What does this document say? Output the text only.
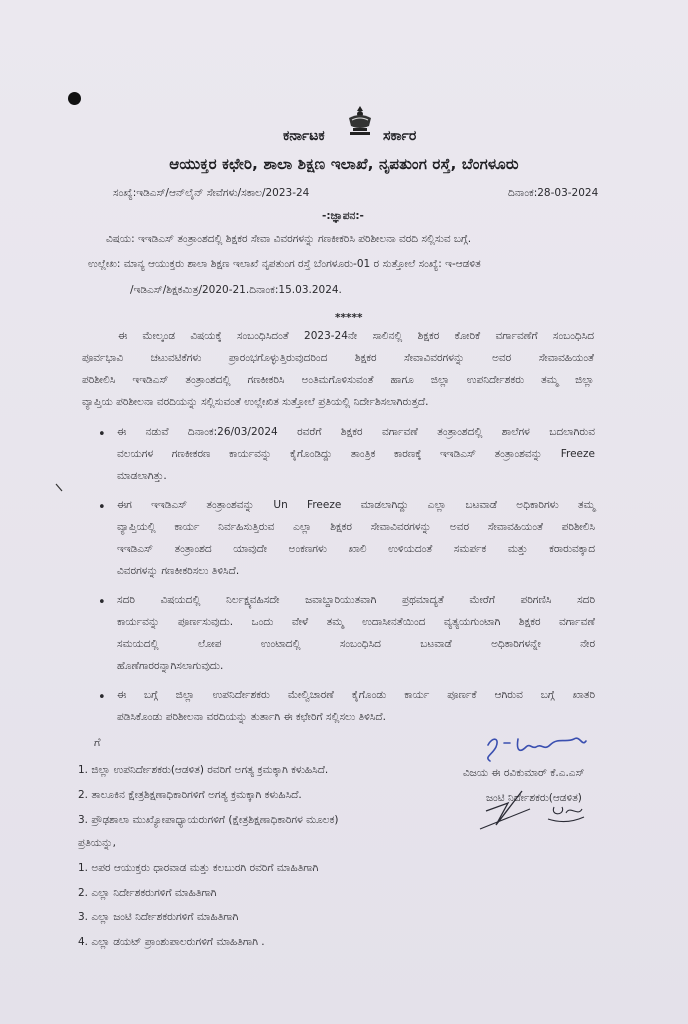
ಕರ್ನಾಟಕ	ಸರ್ಕಾರ
ಆಯುಕ್ತರ ಕಛೇರಿ, ಶಾಲಾ ಶಿಕ್ಷಣ ಇಲಾಖೆ, ನೃಪತುಂಗ ರಸ್ತೆ, ಬೆಂಗಳೂರು
ಸಂಖ್ಯೆ:ಇಡಿಎಸ್/ಆನ್‌ಲೈನ್ ಸೇವೆಗಳು/ಸಕಾಲ/2023-24	ದಿನಾಂಕ:28-03-2024
-:ಜ್ಞಾಪನ:-
ವಿಷಯ: ಇಇಡಿಎಸ್ ತಂತ್ರಾಂಶದಲ್ಲಿ ಶಿಕ್ಷಕರ ಸೇವಾ ವಿವರಗಳನ್ನು ಗಣಕೀಕರಿಸಿ ಪರಿಶೀಲನಾ ವರದಿ ಸಲ್ಲಿಸುವ ಬಗ್ಗೆ.
ಉಲ್ಲೇಖ: ಮಾನ್ಯ ಆಯುಕ್ತರು ಶಾಲಾ ಶಿಕ್ಷಣ ಇಲಾಖೆ ನೃಪತುಂಗ ರಸ್ತೆ ಬೆಂಗಳೂರು-01 ರ ಸುತ್ತೋಲೆ ಸಂಖ್ಯೆ: ಇ-ಆಡಳಿತ
/ಇಡಿಎಸ್/ಶಿಕ್ಷಕಮಿತ್ರ/2020-21.ದಿನಾಂಕ:15.03.2024.
*****
ಈ ಮೇಲ್ಕಂಡ ವಿಷಯಕ್ಕೆ ಸಂಬಂಧಿಸಿದಂತೆ 2023-24ನೇ ಸಾಲಿನಲ್ಲಿ ಶಿಕ್ಷಕರ ಕೋರಿಕೆ ವರ್ಗಾವಣೆಗೆ ಸಂಬಂಧಿಸಿದ
ಪೂರ್ವಭಾವಿ ಚಟುವಟಿಕೆಗಳು ಪ್ರಾರಂಭಗೊಳ್ಳುತ್ತಿರುವುದರಿಂದ ಶಿಕ್ಷಕರ ಸೇವಾವಿವರಗಳನ್ನು ಅವರ ಸೇವಾವಹಿಯಂತೆ
ಪರಿಶೀಲಿಸಿ ಇಇಡಿಎಸ್ ತಂತ್ರಾಂಶದಲ್ಲಿ ಗಣಕೀಕರಿಸಿ ಅಂತಿಮಗೊಳಿಸುವಂತೆ ಹಾಗೂ ಜಿಲ್ಲಾ ಉಪನಿರ್ದೇಶಕರು ತಮ್ಮ ಜಿಲ್ಲಾ
ವ್ಯಾಪ್ತಿಯ ಪರಿಶೀಲನಾ ವರದಿಯನ್ನು ಸಲ್ಲಿಸುವಂತೆ ಉಲ್ಲೇಖಿತ ಸುತ್ತೋಲೆ ಪ್ರತಿಯಲ್ಲಿ ನಿರ್ದೇಶಿಸಲಾಗಿರುತ್ತದೆ.
• ಈ ನಡುವೆ ದಿನಾಂಕ:26/03/2024 ರವರೆಗೆ ಶಿಕ್ಷಕರ ವರ್ಗಾವಣೆ ತಂತ್ರಾಂಶದಲ್ಲಿ ಶಾಲೆಗಳ ಬದಲಾಗಿರುವ
ವಲಯಗಳ ಗಣಕೀಕರಣ ಕಾರ್ಯವನ್ನು ಕೈಗೊಂಡಿದ್ದು ತಾಂತ್ರಿಕ ಕಾರಣಕ್ಕೆ ಇಇಡಿಎಸ್ ತಂತ್ರಾಂಶವನ್ನು Freeze
ಮಾಡಲಾಗಿತ್ತು.
• ಈಗ ಇಇಡಿಎಸ್ ತಂತ್ರಾಂಶವನ್ನು Un Freeze ಮಾಡಲಾಗಿದ್ದು ಎಲ್ಲಾ ಬಟವಾಡೆ ಅಧಿಕಾರಿಗಳು ತಮ್ಮ
ವ್ಯಾಪ್ತಿಯಲ್ಲಿ ಕಾರ್ಯ ನಿರ್ವಹಿಸುತ್ತಿರುವ ಎಲ್ಲಾ ಶಿಕ್ಷಕರ ಸೇವಾವಿವರಗಳನ್ನು ಅವರ ಸೇವಾವಹಿಯಂತೆ ಪರಿಶೀಲಿಸಿ
ಇಇಡಿಎಸ್ ತಂತ್ರಾಂಶದ ಯಾವುದೇ ಅಂಕಣಗಳು ಖಾಲಿ ಉಳಿಯದಂತೆ ಸಮರ್ಪಕ ಮತ್ತು ಕರಾರುವಕ್ಕಾದ
ವಿವರಗಳನ್ನು ಗಣಕೀಕರಿಸಲು ತಿಳಿಸಿದೆ.
• ಸದರಿ ವಿಷಯದಲ್ಲಿ ನಿರ್ಲಕ್ಷ್ಯವಹಿಸದೇ ಜವಾಬ್ದಾರಿಯುತವಾಗಿ ಪ್ರಥಮಾದ್ಯತೆ ಮೇರೆಗೆ ಪರಿಗಣಿಸಿ ಸದರಿ
ಕಾರ್ಯವನ್ನು ಪೂರ್ಣಸುವುದು. ಒಂದು ವೇಳೆ ತಮ್ಮ ಉದಾಸೀನತೆಯಿಂದ ವ್ಯತ್ಯಯಗುಂಟಾಗಿ ಶಿಕ್ಷಕರ ವರ್ಗಾವಣೆ
ಸಮಯದಲ್ಲಿ ಲೋಪ ಉಂಟಾದಲ್ಲಿ ಸಂಬಂಧಿಸಿದ ಬಟವಾಡೆ ಅಧಿಕಾರಿಗಳನ್ನೇ ನೇರ
ಹೊಣೆಗಾರರನ್ನಾಗಿಸಲಾಗುವುದು.
• ಈ ಬಗ್ಗೆ ಜಿಲ್ಲಾ ಉಪನಿರ್ದೇಶಕರು ಮೇಲ್ವಿಚಾರಣೆ ಕೈಗೊಂಡು ಕಾರ್ಯ ಪೂರ್ಣಕೆ ಆಗಿರುವ ಬಗ್ಗೆ ಖಾತರಿ
ಪಡಿಸಿಕೊಂಡು ಪರಿಶೀಲನಾ ವರದಿಯನ್ನು ತುರ್ತಾಗಿ ಈ ಕಛೇರಿಗೆ ಸಲ್ಲಿಸಲು ತಿಳಿಸಿದೆ.
ಗೆ
1. ಜಿಲ್ಲಾ ಉಪನಿರ್ದೇಶಕರು(ಆಡಳಿತ) ರವರಿಗೆ ಅಗತ್ಯ ಕ್ರಮಕ್ಕಾಗಿ ಕಳುಹಿಸಿದೆ.
2. ತಾಲೂಕಿನ ಕ್ಷೇತ್ರಶಿಕ್ಷಣಾಧಿಕಾರಿಗಳಿಗೆ ಅಗತ್ಯ ಕ್ರಮಕ್ಕಾಗಿ ಕಳುಹಿಸಿದೆ.
3. ಪ್ರೌಢಶಾಲಾ ಮುಖ್ಯೋಪಾಧ್ಯಾಯರುಗಳಿಗೆ (ಕ್ಷೇತ್ರಶಿಕ್ಷಣಾಧಿಕಾರಿಗಳ ಮೂಲಕ)
ಪ್ರತಿಯನ್ನು,
1. ಅಪರ ಆಯುಕ್ತರು ಧಾರವಾಡ ಮತ್ತು ಕಲಬುರಗಿ ರವರಿಗೆ ಮಾಹಿತಿಗಾಗಿ
2. ಎಲ್ಲಾ ನಿರ್ದೇಶಕರುಗಳಿಗೆ ಮಾಹಿತಿಗಾಗಿ
3. ಎಲ್ಲಾ ಜಂಟಿ ನಿರ್ದೇಶಕರುಗಳಿಗೆ ಮಾಹಿತಿಗಾಗಿ
4. ಎಲ್ಲಾ ಡಯಟ್ ಪ್ರಾಂಶುಪಾಲರುಗಳಿಗೆ ಮಾಹಿತಿಗಾಗಿ .
ವಿಜಯ ಈ ರವಿಕುಮಾರ್ ಕೆ.ಎ.ಎಸ್
ಜಂಟಿ ನಿರ್ದೇಶಕರು(ಆಡಳಿತ)
